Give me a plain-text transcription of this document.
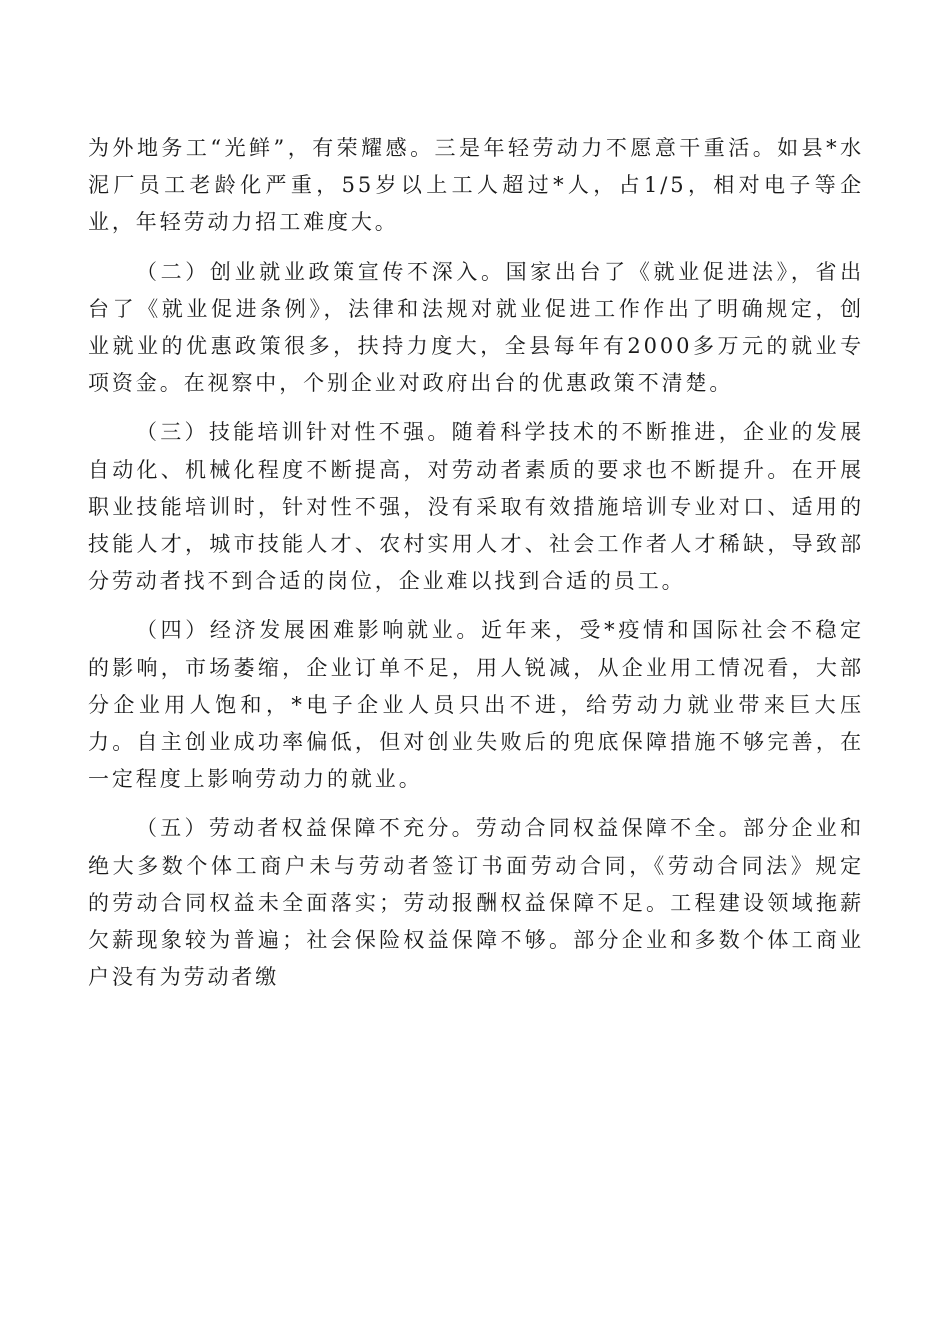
为外地务工“光鲜”，有荣耀感。三是年轻劳动力不愿意干重活。如县*水泥厂员工老龄化严重，55岁以上工人超过*人，占1/5，相对电子等企业，年轻劳动力招工难度大。

（二）创业就业政策宣传不深入。国家出台了《就业促进法》，省出台了《就业促进条例》，法律和法规对就业促进工作作出了明确规定，创业就业的优惠政策很多，扶持力度大，全县每年有2000多万元的就业专项资金。在视察中，个别企业对政府出台的优惠政策不清楚。

（三）技能培训针对性不强。随着科学技术的不断推进，企业的发展自动化、机械化程度不断提高，对劳动者素质的要求也不断提升。在开展职业技能培训时，针对性不强，没有采取有效措施培训专业对口、适用的技能人才，城市技能人才、农村实用人才、社会工作者人才稀缺，导致部分劳动者找不到合适的岗位，企业难以找到合适的员工。

（四）经济发展困难影响就业。近年来，受*疫情和国际社会不稳定的影响，市场萎缩，企业订单不足，用人锐减，从企业用工情况看，大部分企业用人饱和，*电子企业人员只出不进，给劳动力就业带来巨大压力。自主创业成功率偏低，但对创业失败后的兜底保障措施不够完善，在一定程度上影响劳动力的就业。

（五）劳动者权益保障不充分。劳动合同权益保障不全。部分企业和绝大多数个体工商户未与劳动者签订书面劳动合同，《劳动合同法》规定的劳动合同权益未全面落实；劳动报酬权益保障不足。工程建设领域拖薪欠薪现象较为普遍；社会保险权益保障不够。部分企业和多数个体工商业户没有为劳动者缴
